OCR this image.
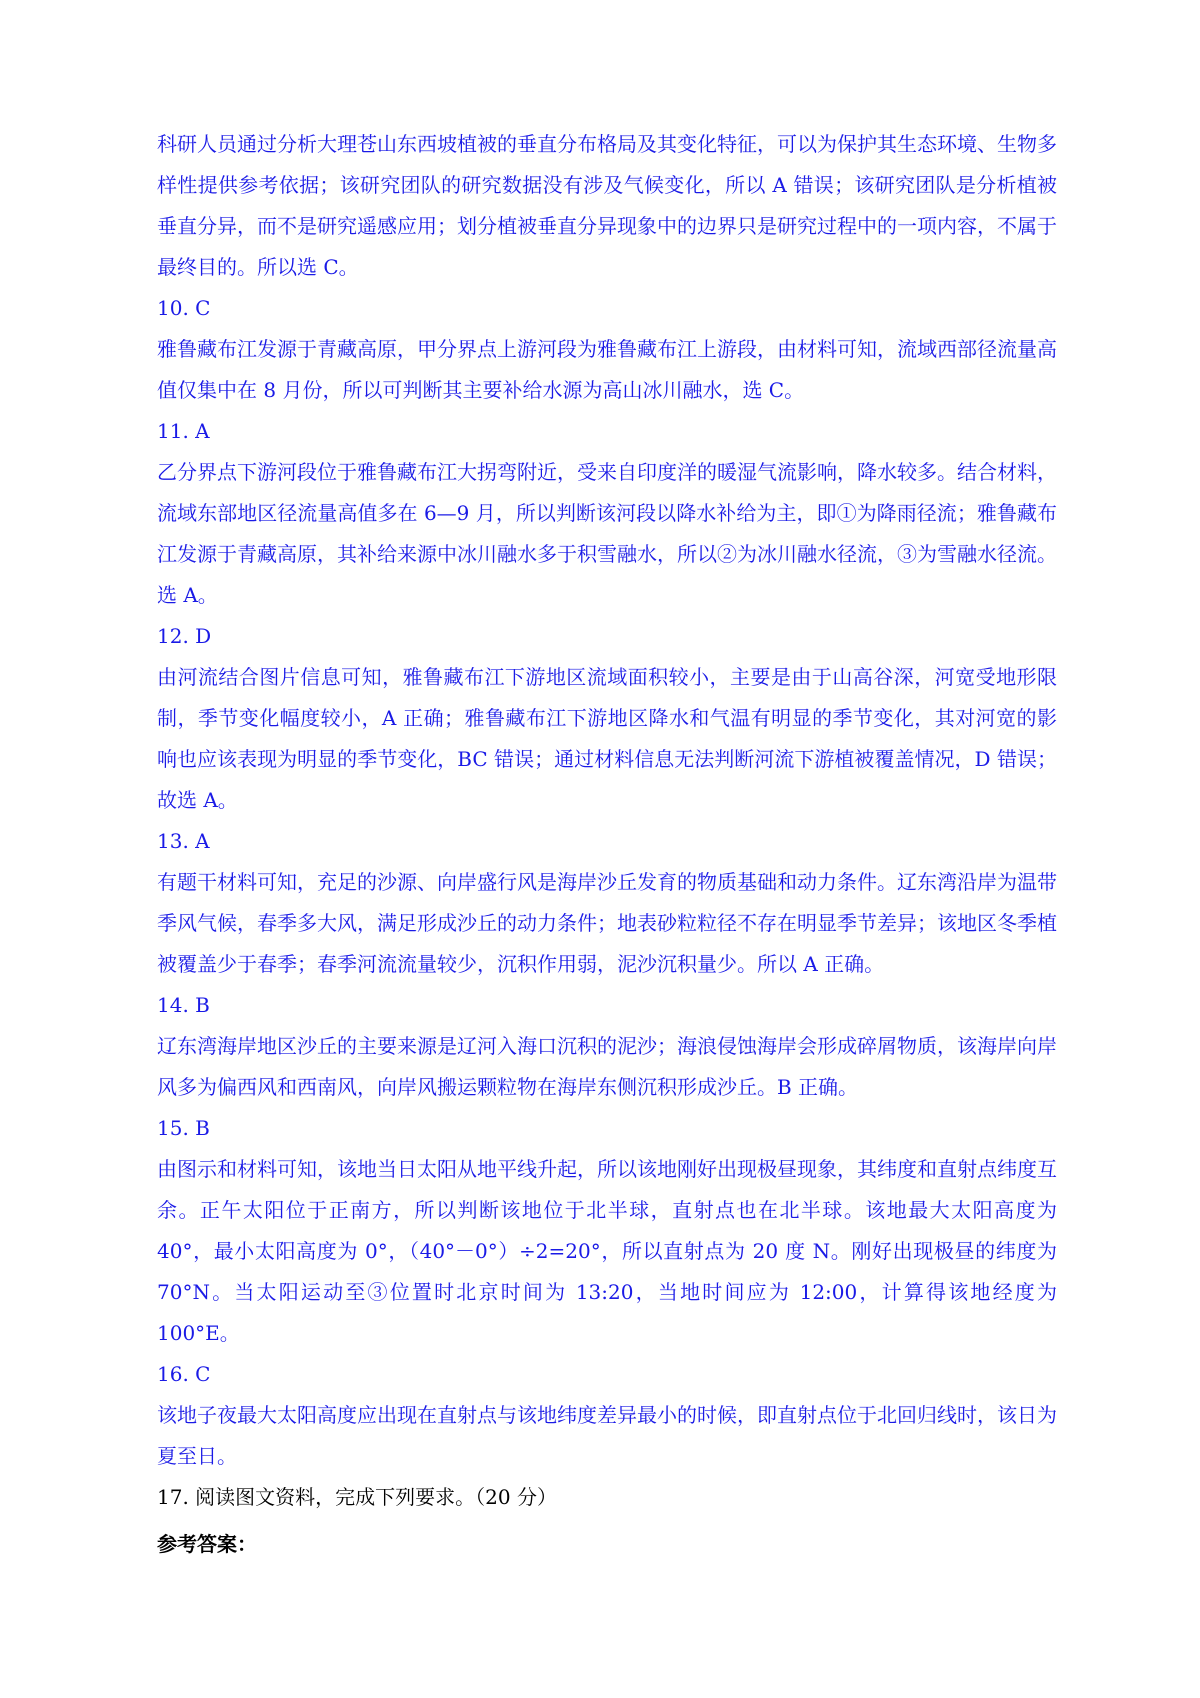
科研人员通过分析大理苍山东西坡植被的垂直分布格局及其变化特征，可以为保护其生态环境、生物多样性提供参考依据；该研究团队的研究数据没有涉及气候变化，所以 A 错误；该研究团队是分析植被垂直分异，而不是研究遥感应用；划分植被垂直分异现象中的边界只是研究过程中的一项内容，不属于最终目的。所以选 C。

10. C

雅鲁藏布江发源于青藏高原，甲分界点上游河段为雅鲁藏布江上游段，由材料可知，流域西部径流量高值仅集中在 8 月份，所以可判断其主要补给水源为高山冰川融水，选 C。

11. A

乙分界点下游河段位于雅鲁藏布江大拐弯附近，受来自印度洋的暖湿气流影响，降水较多。结合材料，流域东部地区径流量高值多在 6—9 月，所以判断该河段以降水补给为主，即①为降雨径流；雅鲁藏布江发源于青藏高原，其补给来源中冰川融水多于积雪融水，所以②为冰川融水径流，③为雪融水径流。选 A。

12. D

由河流结合图片信息可知，雅鲁藏布江下游地区流域面积较小，主要是由于山高谷深，河宽受地形限制，季节变化幅度较小，A 正确；雅鲁藏布江下游地区降水和气温有明显的季节变化，其对河宽的影响也应该表现为明显的季节变化，BC 错误；通过材料信息无法判断河流下游植被覆盖情况，D 错误；故选 A。

13. A

有题干材料可知，充足的沙源、向岸盛行风是海岸沙丘发育的物质基础和动力条件。辽东湾沿岸为温带季风气候，春季多大风，满足形成沙丘的动力条件；地表砂粒粒径不存在明显季节差异；该地区冬季植被覆盖少于春季；春季河流流量较少，沉积作用弱，泥沙沉积量少。所以 A 正确。

14. B

辽东湾海岸地区沙丘的主要来源是辽河入海口沉积的泥沙；海浪侵蚀海岸会形成碎屑物质，该海岸向岸风多为偏西风和西南风，向岸风搬运颗粒物在海岸东侧沉积形成沙丘。B 正确。

15. B

由图示和材料可知，该地当日太阳从地平线升起，所以该地刚好出现极昼现象，其纬度和直射点纬度互余。正午太阳位于正南方，所以判断该地位于北半球，直射点也在北半球。该地最大太阳高度为 40°，最小太阳高度为 0°，（40°－0°）÷2=20°，所以直射点为 20 度 N。刚好出现极昼的纬度为 70°N。当太阳运动至③位置时北京时间为 13:20，当地时间应为 12:00，计算得该地经度为 100°E。

16. C

该地子夜最大太阳高度应出现在直射点与该地纬度差异最小的时候，即直射点位于北回归线时，该日为夏至日。

17. 阅读图文资料，完成下列要求。（20 分）

参考答案：
